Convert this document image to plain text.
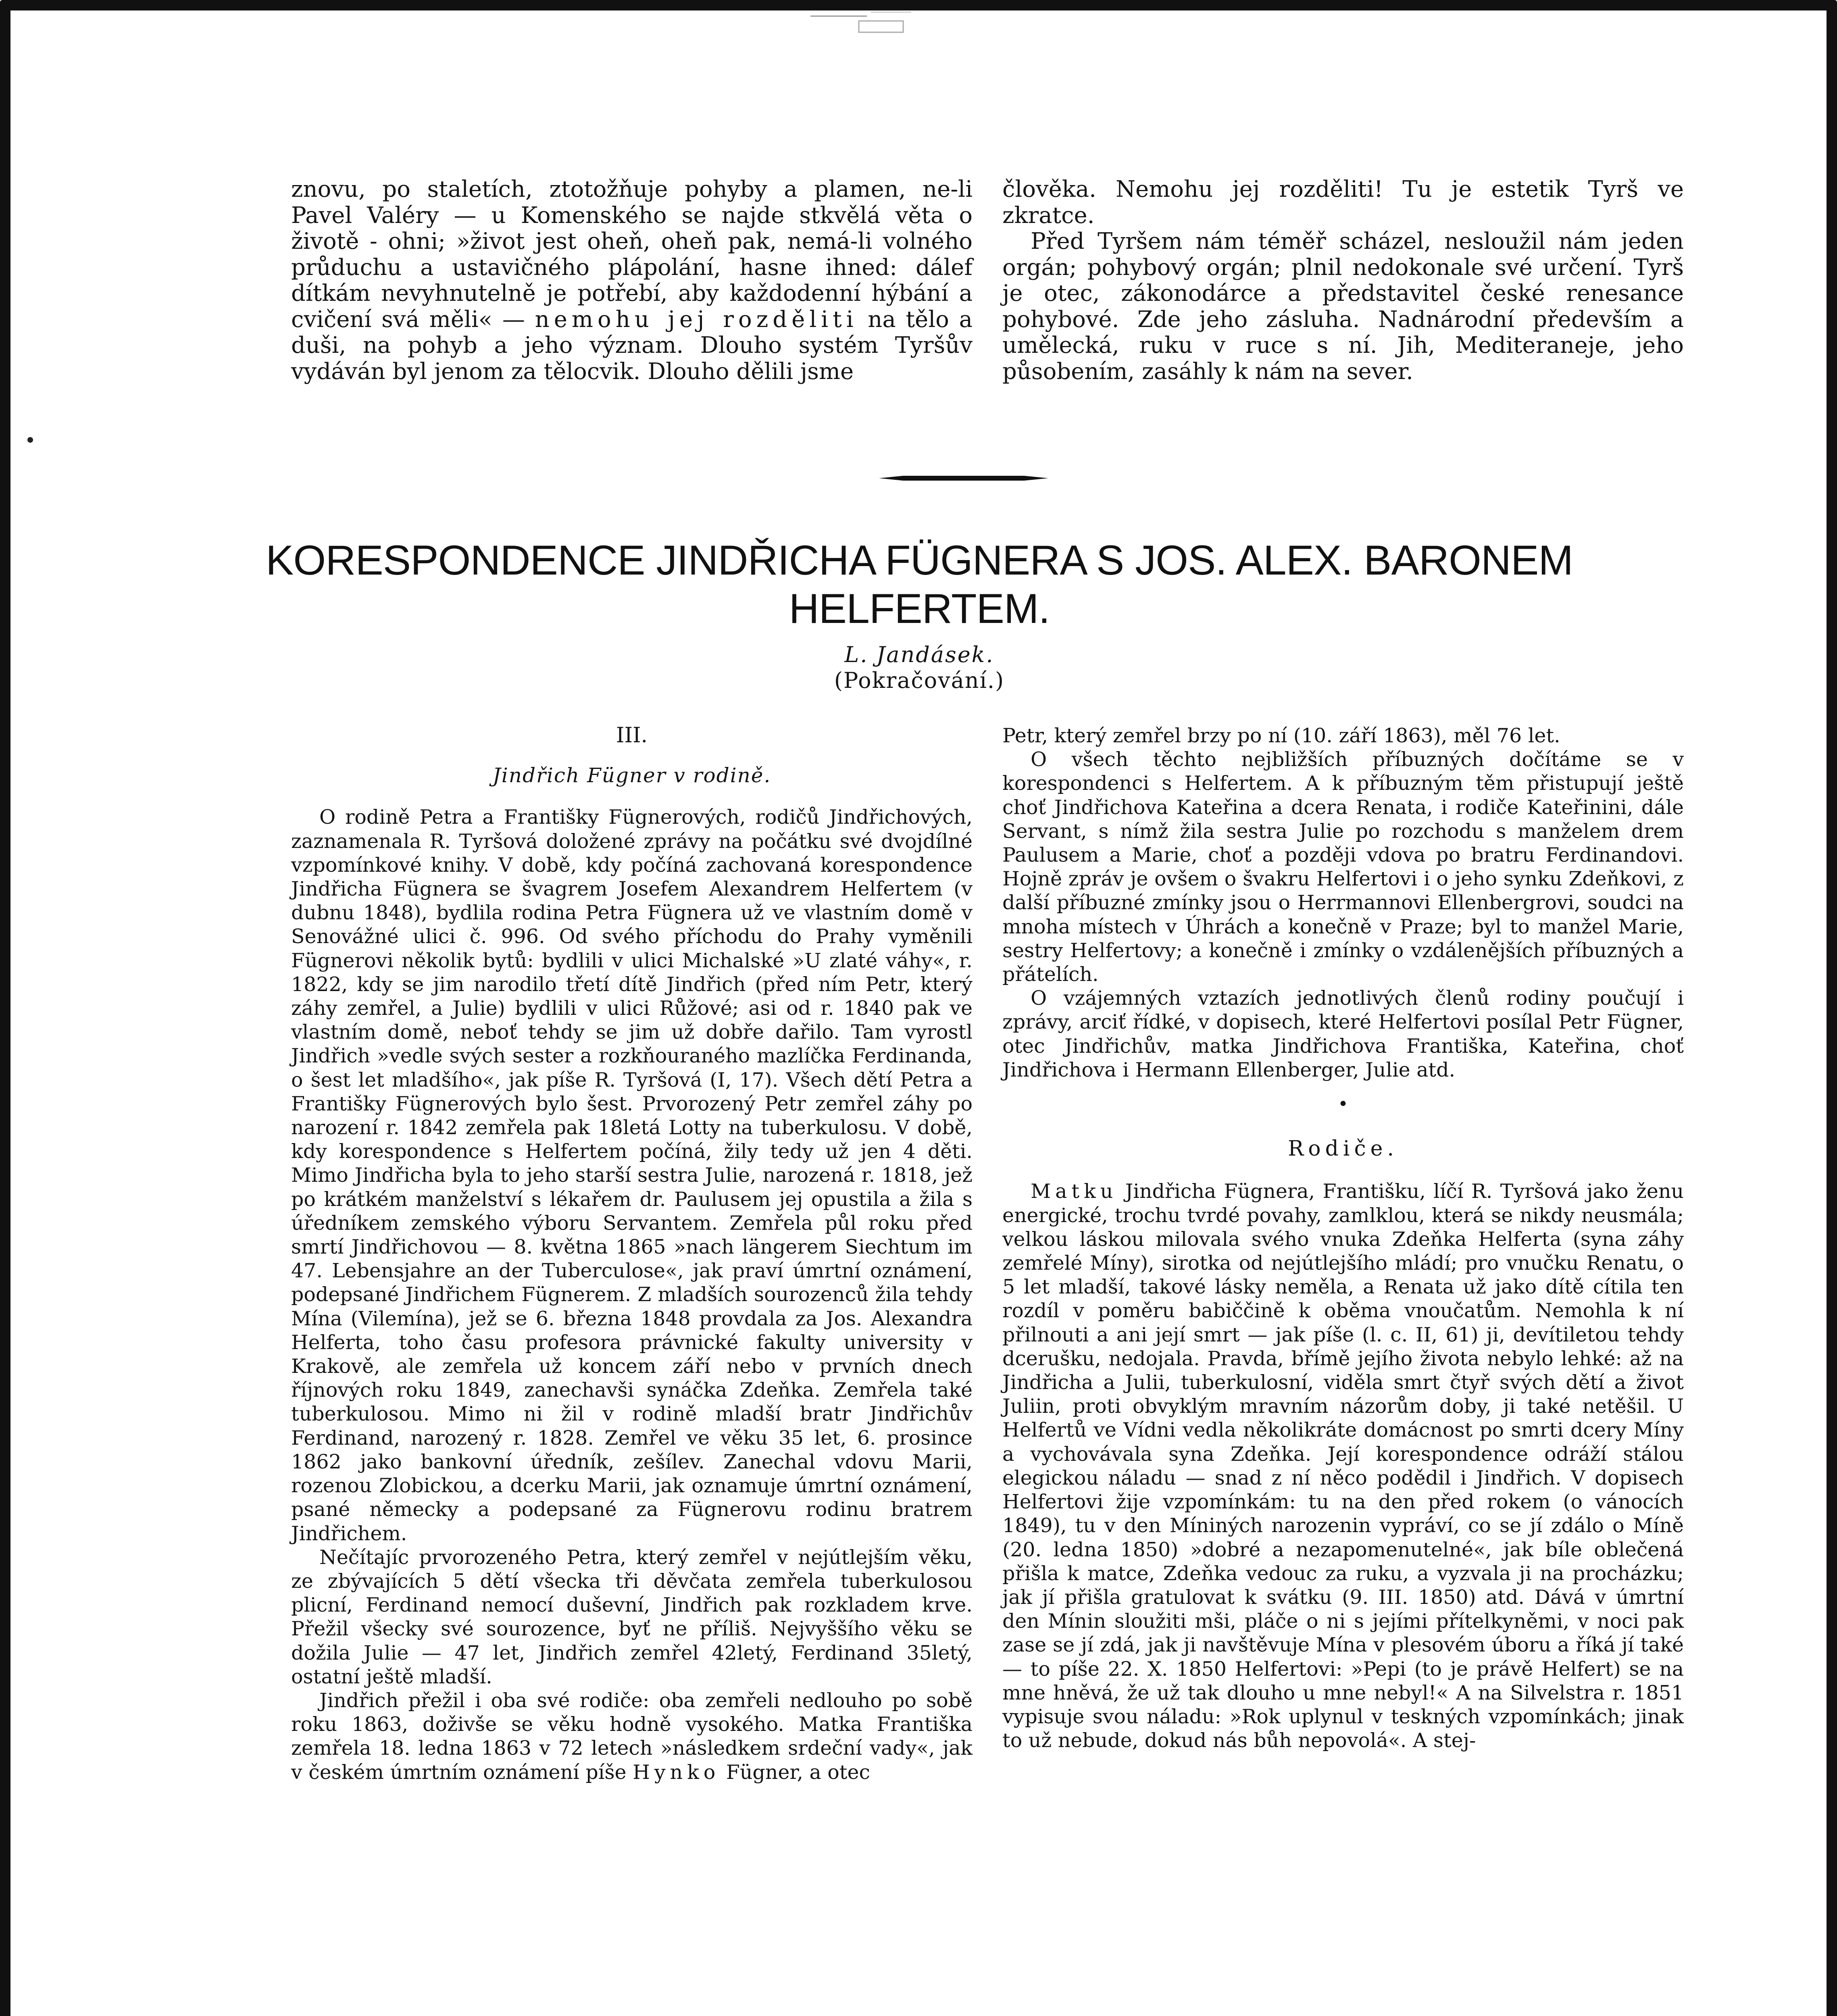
znovu, po staletích, ztotožňuje pohyby a plamen, ne-li Pavel Valéry — u Komenského se najde stkvělá věta o životě - ohni; »život jest oheň, oheň pak, nemá-li volného průduchu a ustavičného plápolání, hasne ihned: dálef dítkám nevyhnutelně je potřebí, aby každodenní hýbání a cvičení svá měli« — nemohu jej rozděliti na tělo a duši, na pohyb a jeho význam. Dlouho systém Tyršův vydáván byl jenom za tělocvik. Dlouho dělili jsme

člověka. Nemohu jej rozděliti! Tu je estetik Tyrš ve zkratce.

Před Tyršem nám téměř scházel, nesloužil nám jeden orgán; pohybový orgán; plnil nedokonale své určení. Tyrš je otec, zákonodárce a představitel české renesance pohybové. Zde jeho zásluha. Nadnárodní především a umělecká, ruku v ruce s ní. Jih, Mediteraneje, jeho působením, zasáhly k nám na sever.

KORESPONDENCE JINDŘICHA FÜGNERA S JOS. ALEX. BARONEM HELFERTEM.
L. Jandásek.
(Pokračování.)

III.

Jindřich Fügner v rodině.

O rodině Petra a Františky Fügnerových, rodičů Jindřichových, zaznamenala R. Tyršová doložené zprávy na počátku své dvojdílné vzpomínkové knihy. V době, kdy počíná zachovaná korespondence Jindřicha Fügnera se švagrem Josefem Alexandrem Helfertem (v dubnu 1848), bydlila rodina Petra Fügnera už ve vlastním domě v Senovážné ulici č. 996. Od svého příchodu do Prahy vyměnili Fügnerovi několik bytů: bydlili v ulici Michalské »U zlaté váhy«, r. 1822, kdy se jim narodilo třetí dítě Jindřich (před ním Petr, který záhy zemřel, a Julie) bydlili v ulici Růžové; asi od r. 1840 pak ve vlastním domě, neboť tehdy se jim už dobře dařilo. Tam vyrostl Jindřich »vedle svých sester a rozkňouraného mazlíčka Ferdinanda, o šest let mladšího«, jak píše R. Tyršová (I, 17). Všech dětí Petra a Františky Fügnerových bylo šest. Prvorozený Petr zemřel záhy po narození r. 1842 zemřela pak 18letá Lotty na tuberkulosu. V době, kdy korespondence s Helfertem počíná, žily tedy už jen 4 děti. Mimo Jindřicha byla to jeho starší sestra Julie, narozená r. 1818, jež po krátkém manželství s lékařem dr. Paulusem jej opustila a žila s úředníkem zemského výboru Servantem. Zemřela půl roku před smrtí Jindřichovou — 8. května 1865 »nach längerem Siechtum im 47. Lebensjahre an der Tuberculose«, jak praví úmrtní oznámení, podepsané Jindřichem Fügnerem. Z mladších sourozenců žila tehdy Mína (Vilemína), jež se 6. března 1848 provdala za Jos. Alexandra Helferta, toho času profesora právnické fakulty university v Krakově, ale zemřela už koncem září nebo v prvních dnech říjnových roku 1849, zanechavši synáčka Zdeňka. Zemřela také tuberkulosou. Mimo ni žil v rodině mladší bratr Jindřichův Ferdinand, narozený r. 1828. Zemřel ve věku 35 let, 6. prosince 1862 jako bankovní úředník, zešílev. Zanechal vdovu Marii, rozenou Zlobickou, a dcerku Marii, jak oznamuje úmrtní oznámení, psané německy a podepsané za Fügnerovu rodinu bratrem Jindřichem.

Nečítajíc prvorozeného Petra, který zemřel v nejútlejším věku, ze zbývajících 5 dětí všecka tři děvčata zemřela tuberkulosou plicní, Ferdinand nemocí duševní, Jindřich pak rozkladem krve. Přežil všecky své sourozence, byť ne příliš. Nejvyššího věku se dožila Julie — 47 let, Jindřich zemřel 42letý, Ferdinand 35letý, ostatní ještě mladší.

Jindřich přežil i oba své rodiče: oba zemřeli nedlouho po sobě roku 1863, doživše se věku hodně vysokého. Matka Františka zemřela 18. ledna 1863 v 72 letech »následkem srdeční vady«, jak v českém úmrtním oznámení píše Hynko Fügner, a otec

Petr, který zemřel brzy po ní (10. září 1863), měl 76 let.

O všech těchto nejbližších příbuzných dočítáme se v korespondenci s Helfertem. A k příbuzným těm přistupují ještě choť Jindřichova Kateřina a dcera Renata, i rodiče Kateřinini, dále Servant, s nímž žila sestra Julie po rozchodu s manželem drem Paulusem a Marie, choť a později vdova po bratru Ferdinandovi. Hojně zpráv je ovšem o švakru Helfertovi i o jeho synku Zdeňkovi, z další příbuzné zmínky jsou o Herrmannovi Ellenbergrovi, soudci na mnoha místech v Úhrách a konečně v Praze; byl to manžel Marie, sestry Helfertovy; a konečně i zmínky o vzdálenějších příbuzných a přátelích.

O vzájemných vztazích jednotlivých členů rodiny poučují i zprávy, arciť řídké, v dopisech, které Helfertovi posílal Petr Fügner, otec Jindřichův, matka Jindřichova Františka, Kateřina, choť Jindřichova i Hermann Ellenberger, Julie atd.

•

Rodiče.

Matku Jindřicha Fügnera, Františku, líčí R. Tyršová jako ženu energické, trochu tvrdé povahy, zamlklou, která se nikdy neusmála; velkou láskou milovala svého vnuka Zdeňka Helferta (syna záhy zemřelé Míny), sirotka od nejútlejšího mládí; pro vnučku Renatu, o 5 let mladší, takové lásky neměla, a Renata už jako dítě cítila ten rozdíl v poměru babiččině k oběma vnoučatům. Nemohla k ní přilnouti a ani její smrt — jak píše (l. c. II, 61) ji, devítiletou tehdy dcerušku, nedojala. Pravda, břímě jejího života nebylo lehké: až na Jindřicha a Julii, tuberkulosní, viděla smrt čtyř svých dětí a život Juliin, proti obvyklým mravním názorům doby, ji také netěšil. U Helfertů ve Vídni vedla několikráte domácnost po smrti dcery Míny a vychovávala syna Zdeňka. Její korespondence odráží stálou elegickou náladu — snad z ní něco podědil i Jindřich. V dopisech Helfertovi žije vzpomínkám: tu na den před rokem (o vánocích 1849), tu v den Míniných narozenin vypráví, co se jí zdálo o Míně (20. ledna 1850) »dobré a nezapomenutelné«, jak bíle oblečená přišla k matce, Zdeňka vedouc za ruku, a vyzvala ji na procházku; jak jí přišla gratulovat k svátku (9. III. 1850) atd. Dává v úmrtní den Mínin sloužiti mši, pláče o ni s jejími přítelkyněmi, v noci pak zase se jí zdá, jak ji navštěvuje Mína v plesovém úboru a říká jí také — to píše 22. X. 1850 Helfertovi: »Pepi (to je právě Helfert) se na mne hněvá, že už tak dlouho u mne nebyl!« A na Silvelstra r. 1851 vypisuje svou náladu: »Rok uplynul v teskných vzpomínkách; jinak to už nebude, dokud nás bůh nepovolá«. A stej-
